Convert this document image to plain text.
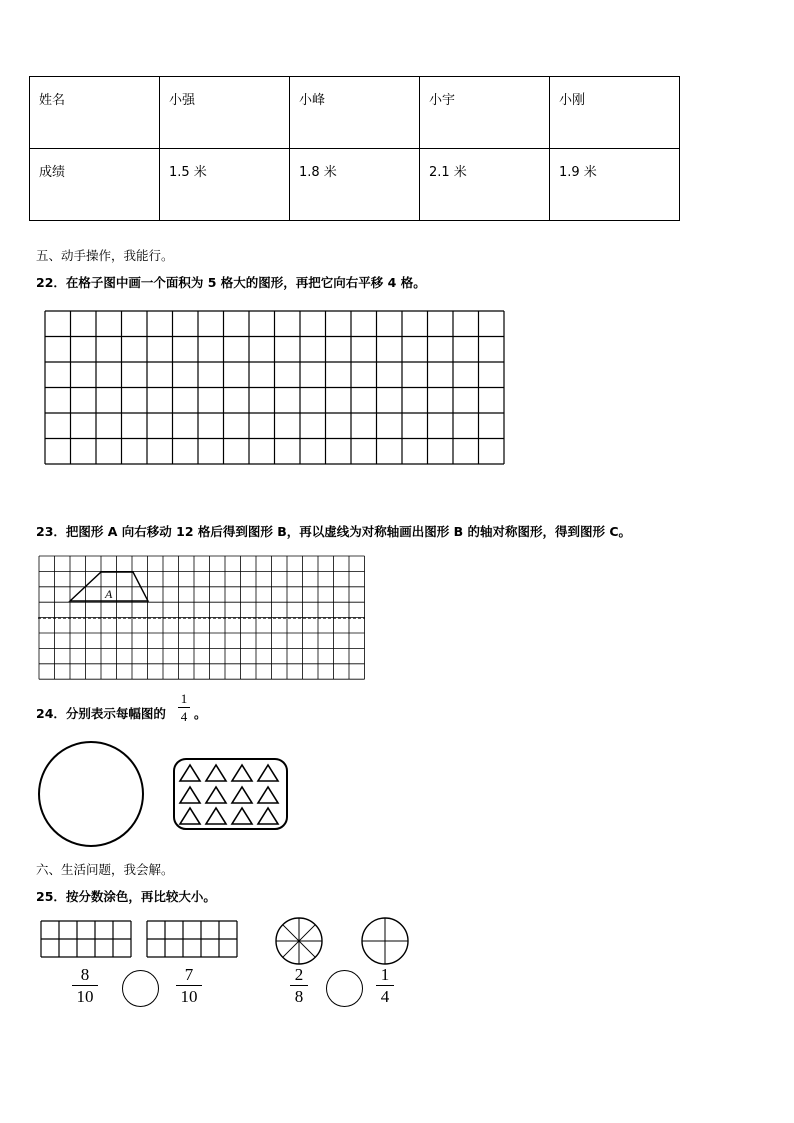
姓名	小强	小峰	小宇	小刚
成绩	1.5 米	1.8 米	2.1 米	1.9 米
五、动手操作，我能行。
22．在格子图中画一个面积为 5 格大的图形，再把它向右平移 4 格。
23．把图形 A 向右移动 12 格后得到图形 B，再以虚线为对称轴画出图形 B 的轴对称图形，得到图形 C。
A
24．分别表示每幅图的
1
4 。
六、生活问题，我会解。
25．按分数涂色，再比较大小。
8
10
7
10
2
8
1
4
